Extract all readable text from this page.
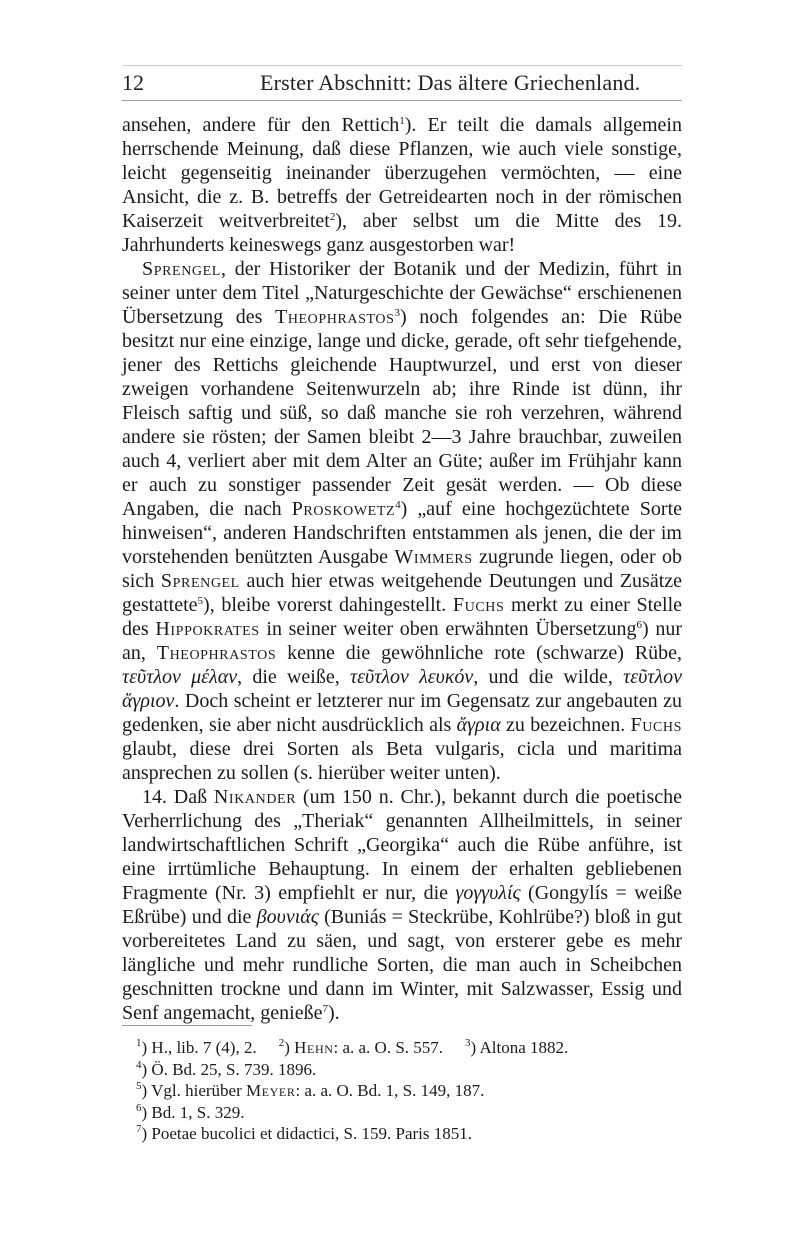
12	Erster Abschnitt: Das ältere Griechenland.

ansehen, andere für den Rettich$^1$). Er teilt die damals allgemein herrschende Meinung, daß diese Pflanzen, wie auch viele sonstige, leicht gegenseitig ineinander überzugehen vermöchten, — eine Ansicht, die z. B. betreffs der Getreidearten noch in der römischen Kaiserzeit weitverbreitet$^2$), aber selbst um die Mitte des 19. Jahrhunderts keineswegs ganz ausgestorben war!

Sprengel, der Historiker der Botanik und der Medizin, führt in seiner unter dem Titel „Naturgeschichte der Gewächse“ erschienenen Übersetzung des Theophrastos$^3$) noch folgendes an: Die Rübe besitzt nur eine einzige, lange und dicke, gerade, oft sehr tiefgehende, jener des Rettichs gleichende Hauptwurzel, und erst von dieser zweigen vorhandene Seitenwurzeln ab; ihre Rinde ist dünn, ihr Fleisch saftig und süß, so daß manche sie roh verzehren, während andere sie rösten; der Samen bleibt 2—3 Jahre brauchbar, zuweilen auch 4, verliert aber mit dem Alter an Güte; außer im Frühjahr kann er auch zu sonstiger passender Zeit gesät werden. — Ob diese Angaben, die nach Proskowetz$^4$) „auf eine hochgezüchtete Sorte hinweisen“, anderen Handschriften entstammen als jenen, die der im vorstehenden benützten Ausgabe Wimmers zugrunde liegen, oder ob sich Sprengel auch hier etwas weitgehende Deutungen und Zusätze gestattete$^5$), bleibe vorerst dahingestellt. Fuchs merkt zu einer Stelle des Hippokrates in seiner weiter oben erwähnten Übersetzung$^6$) nur an, Theophrastos kenne die gewöhnliche rote (schwarze) Rübe, τεῦτλον μέλαν, die weiße, τεῦτλον λευκόν, und die wilde, τεῦτλον ἄγριον. Doch scheint er letzterer nur im Gegensatz zur angebauten zu gedenken, sie aber nicht ausdrücklich als ἄγρια zu bezeichnen. Fuchs glaubt, diese drei Sorten als Beta vulgaris, cicla und maritima ansprechen zu sollen (s. hierüber weiter unten).

14. Daß Nikander (um 150 n. Chr.), bekannt durch die poetische Verherrlichung des „Theriak“ genannten Allheilmittels, in seiner landwirtschaftlichen Schrift „Georgika“ auch die Rübe anführe, ist eine irrtümliche Behauptung. In einem der erhalten gebliebenen Fragmente (Nr. 3) empfiehlt er nur, die γογγυλίς (Gongylís = weiße Eßrübe) und die βουνιάς (Buniás = Steckrübe, Kohlrübe?) bloß in gut vorbereitetes Land zu säen, und sagt, von ersterer gebe es mehr längliche und mehr rundliche Sorten, die man auch in Scheibchen geschnitten trockne und dann im Winter, mit Salzwasser, Essig und Senf angemacht, genieße$^7$).

$^1$) H., lib. 7 (4), 2. $^2$) Hehn: a. a. O. S. 557. $^3$) Altona 1882.
$^4$) Ö. Bd. 25, S. 739. 1896.
$^5$) Vgl. hierüber Meyer: a. a. O. Bd. 1, S. 149, 187.
$^6$) Bd. 1, S. 329.
$^7$) Poetae bucolici et didactici, S. 159. Paris 1851.
